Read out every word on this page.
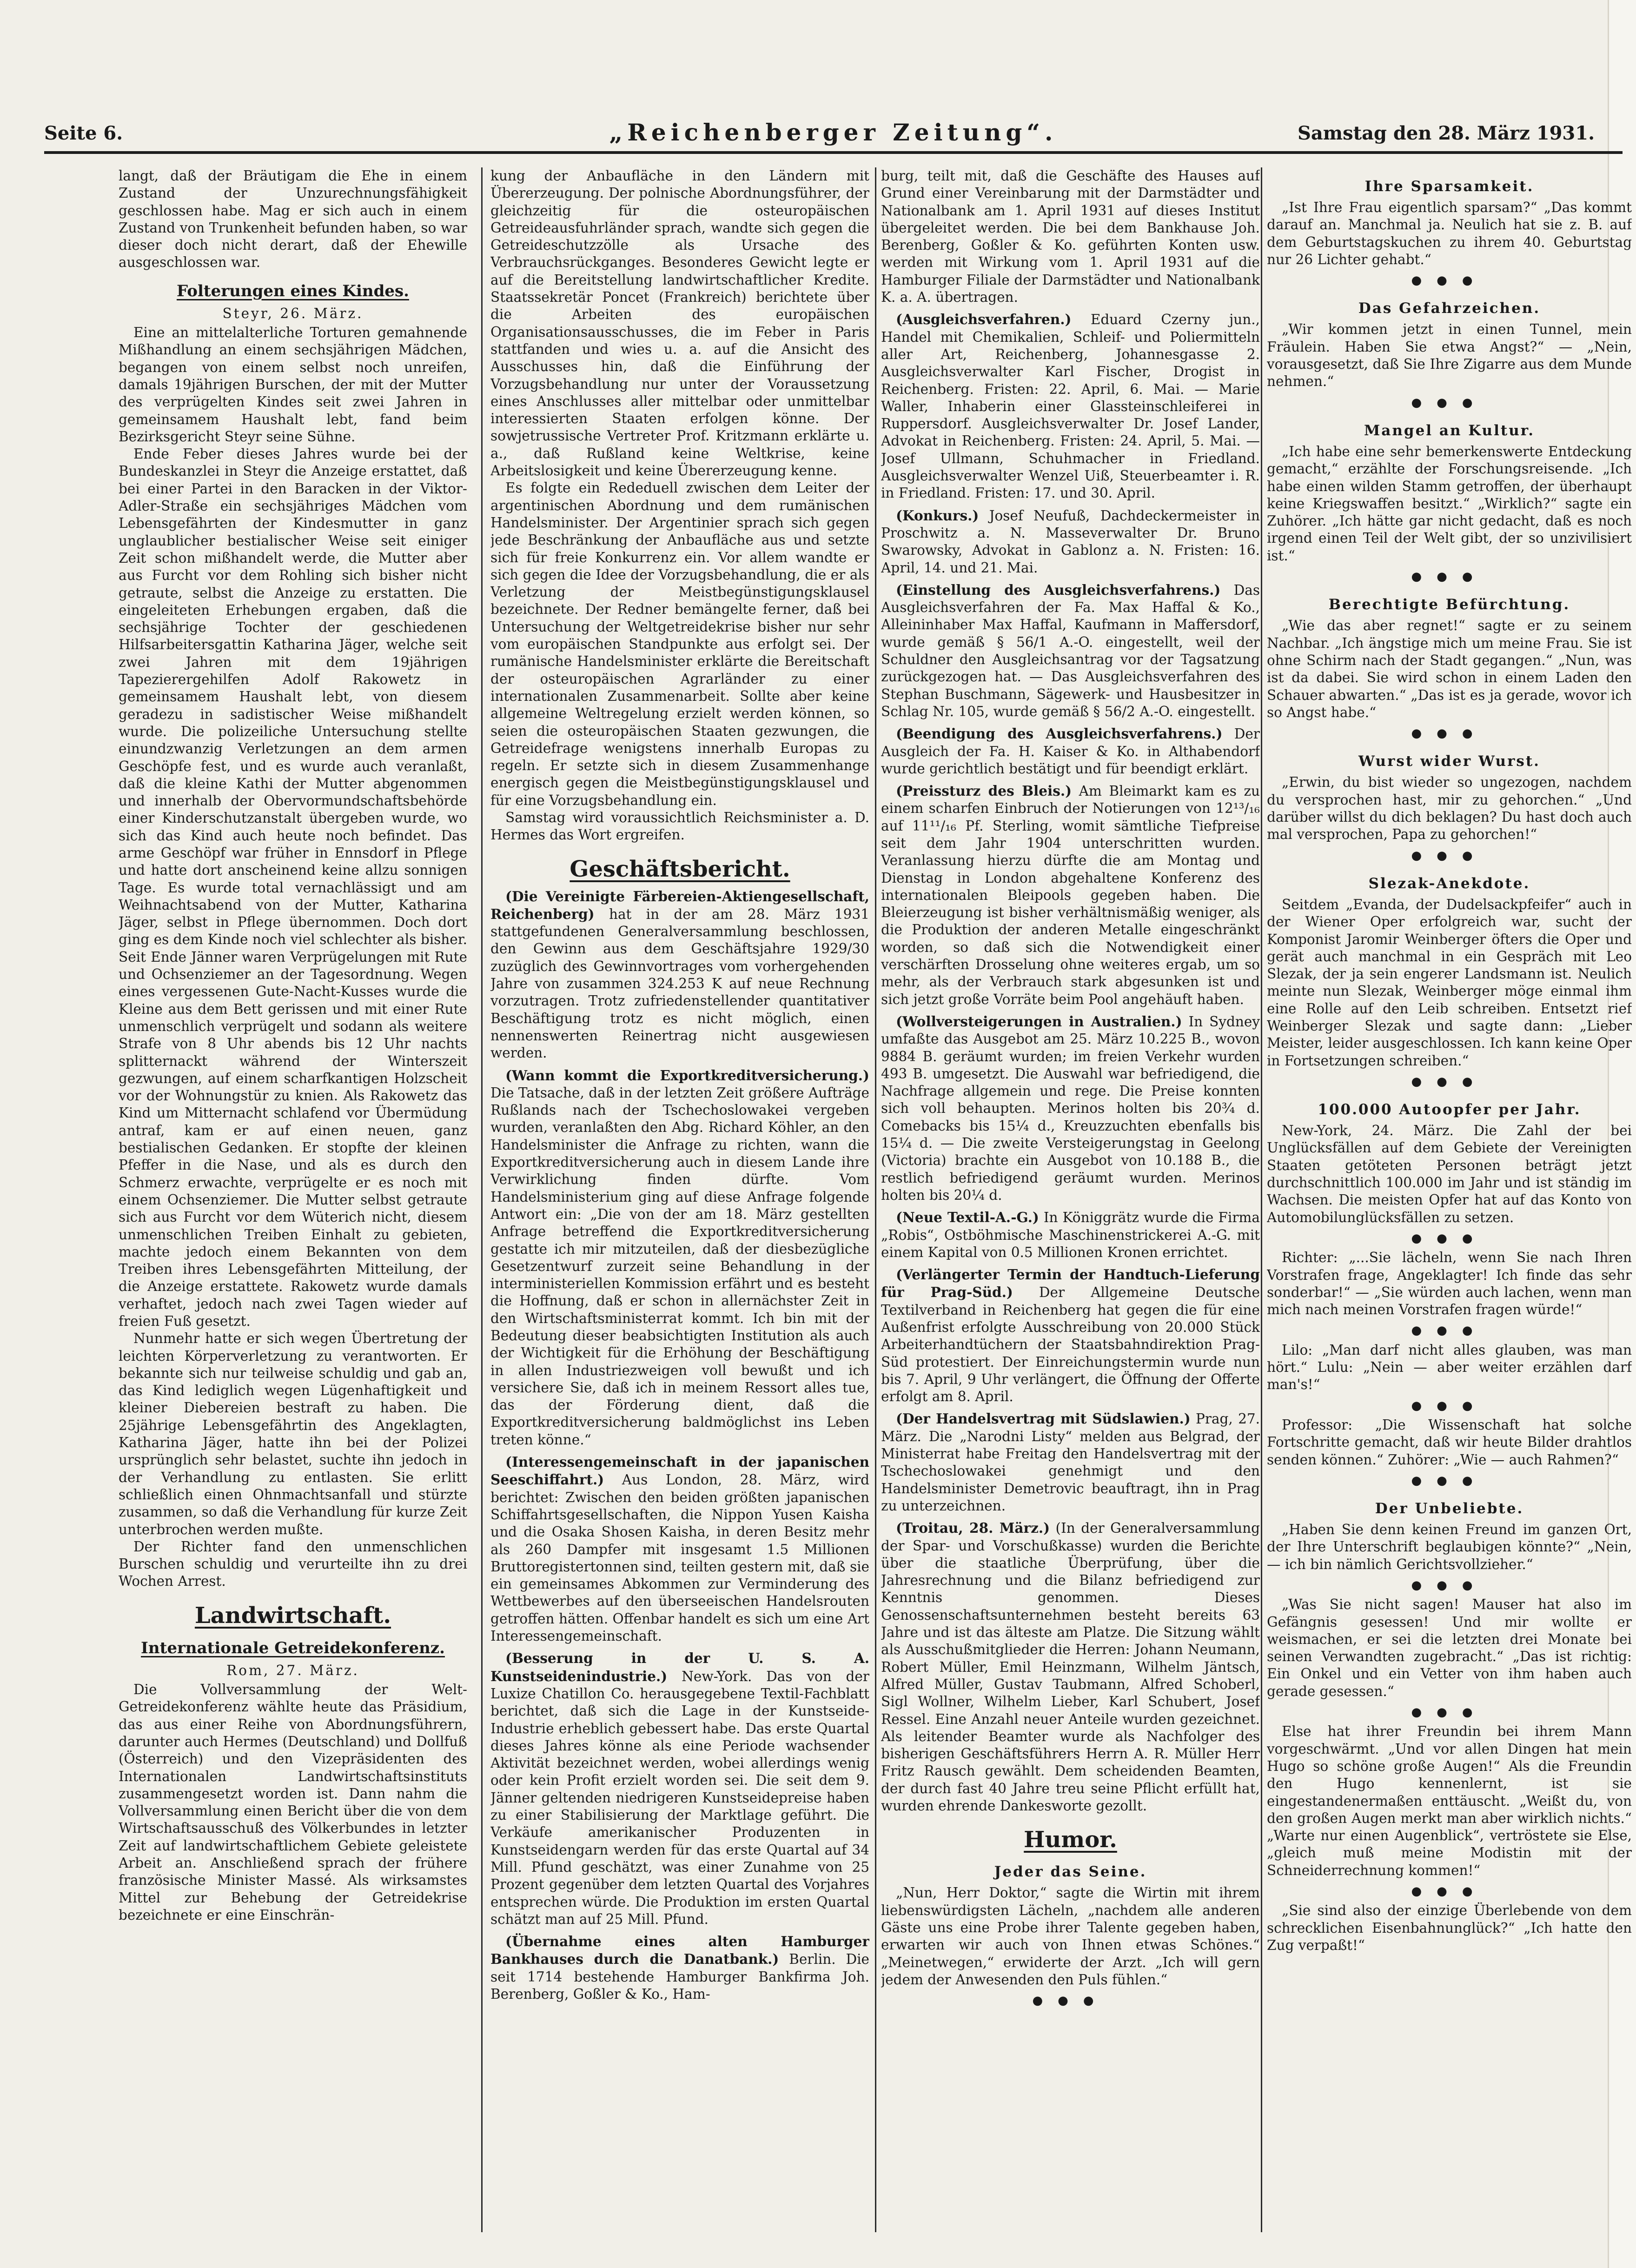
Seite 6.	„Reichenberger Zeitung“.	Samstag den 28. März 1931.

langt, daß der Bräutigam die Ehe in einem Zustand der Unzurechnungsfähigkeit geschlossen habe. Mag er sich auch in einem Zustand von Trunkenheit befunden haben, so war dieser doch nicht derart, daß der Ehewille ausgeschlossen war.

Folterungen eines Kindes.

Steyr, 26. März.

Eine an mittelalterliche Torturen gemahnende Mißhandlung an einem sechsjährigen Mädchen, begangen von einem selbst noch unreifen, damals 19jährigen Burschen, der mit der Mutter des verprügelten Kindes seit zwei Jahren in gemeinsamem Haushalt lebt, fand beim Bezirksgericht Steyr seine Sühne.

Ende Feber dieses Jahres wurde bei der Bundeskanzlei in Steyr die Anzeige erstattet, daß bei einer Partei in den Baracken in der Viktor-Adler-Straße ein sechsjähriges Mädchen vom Lebensgefährten der Kindesmutter in ganz unglaublicher bestialischer Weise seit einiger Zeit schon mißhandelt werde, die Mutter aber aus Furcht vor dem Rohling sich bisher nicht getraute, selbst die Anzeige zu erstatten. Die eingeleiteten Erhebungen ergaben, daß die sechsjährige Tochter der geschiedenen Hilfsarbeitersgattin Katharina Jäger, welche seit zwei Jahren mit dem 19jährigen Tapezierergehilfen Adolf Rakowetz in gemeinsamem Haushalt lebt, von diesem geradezu in sadistischer Weise mißhandelt wurde. Die polizeiliche Untersuchung stellte einundzwanzig Verletzungen an dem armen Geschöpfe fest, und es wurde auch veranlaßt, daß die kleine Kathi der Mutter abgenommen und innerhalb der Obervormundschaftsbehörde einer Kinderschutzanstalt übergeben wurde, wo sich das Kind auch heute noch befindet. Das arme Geschöpf war früher in Ennsdorf in Pflege und hatte dort anscheinend keine allzu sonnigen Tage. Es wurde total vernachlässigt und am Weihnachtsabend von der Mutter, Katharina Jäger, selbst in Pflege übernommen. Doch dort ging es dem Kinde noch viel schlechter als bisher. Seit Ende Jänner waren Verprügelungen mit Rute und Ochsenziemer an der Tagesordnung. Wegen eines vergessenen Gute-Nacht-Kusses wurde die Kleine aus dem Bett gerissen und mit einer Rute unmenschlich verprügelt und sodann als weitere Strafe von 8 Uhr abends bis 12 Uhr nachts splitternackt während der Winterszeit gezwungen, auf einem scharfkantigen Holzscheit vor der Wohnungstür zu knien. Als Rakowetz das Kind um Mitternacht schlafend vor Übermüdung antraf, kam er auf einen neuen, ganz bestialischen Gedanken. Er stopfte der kleinen Pfeffer in die Nase, und als es durch den Schmerz erwachte, verprügelte er es noch mit einem Ochsenziemer. Die Mutter selbst getraute sich aus Furcht vor dem Wüterich nicht, diesem unmenschlichen Treiben Einhalt zu gebieten, machte jedoch einem Bekannten von dem Treiben ihres Lebensgefährten Mitteilung, der die Anzeige erstattete. Rakowetz wurde damals verhaftet, jedoch nach zwei Tagen wieder auf freien Fuß gesetzt.

Nunmehr hatte er sich wegen Übertretung der leichten Körperverletzung zu verantworten. Er bekannte sich nur teilweise schuldig und gab an, das Kind lediglich wegen Lügenhaftigkeit und kleiner Diebereien bestraft zu haben. Die 25jährige Lebensgefährtin des Angeklagten, Katharina Jäger, hatte ihn bei der Polizei ursprünglich sehr belastet, suchte ihn jedoch in der Verhandlung zu entlasten. Sie erlitt schließlich einen Ohnmachtsanfall und stürzte zusammen, so daß die Verhandlung für kurze Zeit unterbrochen werden mußte.

Der Richter fand den unmenschlichen Burschen schuldig und verurteilte ihn zu drei Wochen Arrest.

Landwirtschaft.
Internationale Getreidekonferenz.

Rom, 27. März.

Die Vollversammlung der Welt-Getreidekonferenz wählte heute das Präsidium, das aus einer Reihe von Abordnungsführern, darunter auch Hermes (Deutschland) und Dollfuß (Österreich) und den Vizepräsidenten des Internationalen Landwirtschaftsinstituts zusammengesetzt worden ist. Dann nahm die Vollversammlung einen Bericht über die von dem Wirtschaftsausschuß des Völkerbundes in letzter Zeit auf landwirtschaftlichem Gebiete geleistete Arbeit an. Anschließend sprach der frühere französische Minister Massé. Als wirksamstes Mittel zur Behebung der Getreidekrise bezeichnete er eine Einschrän-

kung der Anbaufläche in den Ländern mit Übererzeugung. Der polnische Abordnungsführer, der gleichzeitig für die osteuropäischen Getreideausfuhrländer sprach, wandte sich gegen die Getreideschutzzölle als Ursache des Verbrauchsrückganges. Besonderes Gewicht legte er auf die Bereitstellung landwirtschaftlicher Kredite. Staatssekretär Poncet (Frankreich) berichtete über die Arbeiten des europäischen Organisationsausschusses, die im Feber in Paris stattfanden und wies u. a. auf die Ansicht des Ausschusses hin, daß die Einführung der Vorzugsbehandlung nur unter der Voraussetzung eines Anschlusses aller mittelbar oder unmittelbar interessierten Staaten erfolgen könne. Der sowjetrussische Vertreter Prof. Kritzmann erklärte u. a., daß Rußland keine Weltkrise, keine Arbeitslosigkeit und keine Übererzeugung kenne.

Es folgte ein Rededuell zwischen dem Leiter der argentinischen Abordnung und dem rumänischen Handelsminister. Der Argentinier sprach sich gegen jede Beschränkung der Anbaufläche aus und setzte sich für freie Konkurrenz ein. Vor allem wandte er sich gegen die Idee der Vorzugsbehandlung, die er als Verletzung der Meistbegünstigungsklausel bezeichnete. Der Redner bemängelte ferner, daß bei Untersuchung der Weltgetreidekrise bisher nur sehr vom europäischen Standpunkte aus erfolgt sei. Der rumänische Handelsminister erklärte die Bereitschaft der osteuropäischen Agrarländer zu einer internationalen Zusammenarbeit. Sollte aber keine allgemeine Weltregelung erzielt werden können, so seien die osteuropäischen Staaten gezwungen, die Getreidefrage wenigstens innerhalb Europas zu regeln. Er setzte sich in diesem Zusammenhange energisch gegen die Meistbegünstigungsklausel und für eine Vorzugsbehandlung ein.

Samstag wird voraussichtlich Reichsminister a. D. Hermes das Wort ergreifen.

Geschäftsbericht.

(Die Vereinigte Färbereien-Aktiengesellschaft, Reichenberg) hat in der am 28. März 1931 stattgefundenen Generalversammlung beschlossen, den Gewinn aus dem Geschäftsjahre 1929/30 zuzüglich des Gewinnvortrages vom vorhergehenden Jahre von zusammen 324.253 K auf neue Rechnung vorzutragen. Trotz zufriedenstellender quantitativer Beschäftigung trotz es nicht möglich, einen nennenswerten Reinertrag nicht ausgewiesen werden.

(Wann kommt die Exportkreditversicherung.) Die Tatsache, daß in der letzten Zeit größere Aufträge Rußlands nach der Tschechoslowakei vergeben wurden, veranlaßten den Abg. Richard Köhler, an den Handelsminister die Anfrage zu richten, wann die Exportkreditversicherung auch in diesem Lande ihre Verwirklichung finden dürfte. Vom Handelsministerium ging auf diese Anfrage folgende Antwort ein: „Die von der am 18. März gestellten Anfrage betreffend die Exportkreditversicherung gestatte ich mir mitzuteilen, daß der diesbezügliche Gesetzentwurf zurzeit seine Behandlung in der interministeriellen Kommission erfährt und es besteht die Hoffnung, daß er schon in allernächster Zeit in den Wirtschaftsministerrat kommt. Ich bin mit der Bedeutung dieser beabsichtigten Institution als auch der Wichtigkeit für die Erhöhung der Beschäftigung in allen Industriezweigen voll bewußt und ich versichere Sie, daß ich in meinem Ressort alles tue, das der Förderung dient, daß die Exportkreditversicherung baldmöglichst ins Leben treten könne.“

(Interessengemeinschaft in der japanischen Seeschiffahrt.) Aus London, 28. März, wird berichtet: Zwischen den beiden größten japanischen Schiffahrtsgesellschaften, die Nippon Yusen Kaisha und die Osaka Shosen Kaisha, in deren Besitz mehr als 260 Dampfer mit insgesamt 1.5 Millionen Bruttoregistertonnen sind, teilten gestern mit, daß sie ein gemeinsames Abkommen zur Verminderung des Wettbewerbes auf den überseeischen Handelsrouten getroffen hätten. Offenbar handelt es sich um eine Art Interessengemeinschaft.

(Besserung in der U. S. A. Kunstseidenindustrie.) New-York. Das von der Luxize Chatillon Co. herausgegebene Textil-Fachblatt berichtet, daß sich die Lage in der Kunstseide-Industrie erheblich gebessert habe. Das erste Quartal dieses Jahres könne als eine Periode wachsender Aktivität bezeichnet werden, wobei allerdings wenig oder kein Profit erzielt worden sei. Die seit dem 9. Jänner geltenden niedrigeren Kunstseidepreise haben zu einer Stabilisierung der Marktlage geführt. Die Verkäufe amerikanischer Produzenten in Kunstseidengarn werden für das erste Quartal auf 34 Mill. Pfund geschätzt, was einer Zunahme von 25 Prozent gegenüber dem letzten Quartal des Vorjahres entsprechen würde. Die Produktion im ersten Quartal schätzt man auf 25 Mill. Pfund.

(Übernahme eines alten Hamburger Bankhauses durch die Danatbank.) Berlin. Die seit 1714 bestehende Hamburger Bankfirma Joh. Berenberg, Goßler & Ko., Ham-

burg, teilt mit, daß die Geschäfte des Hauses auf Grund einer Vereinbarung mit der Darmstädter und Nationalbank am 1. April 1931 auf dieses Institut übergeleitet werden. Die bei dem Bankhause Joh. Berenberg, Goßler & Ko. geführten Konten usw. werden mit Wirkung vom 1. April 1931 auf die Hamburger Filiale der Darmstädter und Nationalbank K. a. A. übertragen.

(Ausgleichsverfahren.) Eduard Czerny jun., Handel mit Chemikalien, Schleif- und Poliermitteln aller Art, Reichenberg, Johannesgasse 2. Ausgleichsverwalter Karl Fischer, Drogist in Reichenberg. Fristen: 22. April, 6. Mai. — Marie Waller, Inhaberin einer Glassteinschleiferei in Ruppersdorf. Ausgleichsverwalter Dr. Josef Lander, Advokat in Reichenberg. Fristen: 24. April, 5. Mai. — Josef Ullmann, Schuhmacher in Friedland. Ausgleichsverwalter Wenzel Uiß, Steuerbeamter i. R. in Friedland. Fristen: 17. und 30. April.

(Konkurs.) Josef Neufuß, Dachdeckermeister in Proschwitz a. N. Masseverwalter Dr. Bruno Swarowsky, Advokat in Gablonz a. N. Fristen: 16. April, 14. und 21. Mai.

(Einstellung des Ausgleichsverfahrens.) Das Ausgleichsverfahren der Fa. Max Haffal & Ko., Alleininhaber Max Haffal, Kaufmann in Maffersdorf, wurde gemäß § 56/1 A.-O. eingestellt, weil der Schuldner den Ausgleichsantrag vor der Tagsatzung zurückgezogen hat. — Das Ausgleichsverfahren des Stephan Buschmann, Sägewerk- und Hausbesitzer in Schlag Nr. 105, wurde gemäß § 56/2 A.-O. eingestellt.

(Beendigung des Ausgleichsverfahrens.) Der Ausgleich der Fa. H. Kaiser & Ko. in Althabendorf wurde gerichtlich bestätigt und für beendigt erklärt.

(Preissturz des Bleis.) Am Bleimarkt kam es zu einem scharfen Einbruch der Notierungen von 12¹³/₁₆ auf 11¹¹/₁₆ Pf. Sterling, womit sämtliche Tiefpreise seit dem Jahr 1904 unterschritten wurden. Veranlassung hierzu dürfte die am Montag und Dienstag in London abgehaltene Konferenz des internationalen Bleipools gegeben haben. Die Bleierzeugung ist bisher verhältnismäßig weniger, als die Produktion der anderen Metalle eingeschränkt worden, so daß sich die Notwendigkeit einer verschärften Drosselung ohne weiteres ergab, um so mehr, als der Verbrauch stark abgesunken ist und sich jetzt große Vorräte beim Pool angehäuft haben.

(Wollversteigerungen in Australien.) In Sydney umfaßte das Ausgebot am 25. März 10.225 B., wovon 9884 B. geräumt wurden; im freien Verkehr wurden 493 B. umgesetzt. Die Auswahl war befriedigend, die Nachfrage allgemein und rege. Die Preise konnten sich voll behaupten. Merinos holten bis 20¾ d. Comebacks bis 15¼ d., Kreuzzuchten ebenfalls bis 15¼ d. — Die zweite Versteigerungstag in Geelong (Victoria) brachte ein Ausgebot von 10.188 B., die restlich befriedigend geräumt wurden. Merinos holten bis 20¼ d.

(Neue Textil-A.-G.) In Königgrätz wurde die Firma „Robis“, Ostböhmische Maschinenstrickerei A.-G. mit einem Kapital von 0.5 Millionen Kronen errichtet.

(Verlängerter Termin der Handtuch-Lieferung für Prag-Süd.) Der Allgemeine Deutsche Textilverband in Reichenberg hat gegen die für eine Außenfrist erfolgte Ausschreibung von 20.000 Stück Arbeiterhandtüchern der Staatsbahndirektion Prag-Süd protestiert. Der Einreichungstermin wurde nun bis 7. April, 9 Uhr verlängert, die Öffnung der Offerte erfolgt am 8. April.

(Der Handelsvertrag mit Südslawien.) Prag, 27. März. Die „Narodni Listy“ melden aus Belgrad, der Ministerrat habe Freitag den Handelsvertrag mit der Tschechoslowakei genehmigt und den Handelsminister Demetrovic beauftragt, ihn in Prag zu unterzeichnen.

(Troitau, 28. März.) (In der Generalversammlung der Spar- und Vorschußkasse) wurden die Berichte über die staatliche Überprüfung, über die Jahresrechnung und die Bilanz befriedigend zur Kenntnis genommen. Dieses Genossenschaftsunternehmen besteht bereits 63 Jahre und ist das älteste am Platze. Die Sitzung wählt als Ausschußmitglieder die Herren: Johann Neumann, Robert Müller, Emil Heinzmann, Wilhelm Jäntsch, Alfred Müller, Gustav Taubmann, Alfred Schoberl, Sigl Wollner, Wilhelm Lieber, Karl Schubert, Josef Ressel. Eine Anzahl neuer Anteile wurden gezeichnet. Als leitender Beamter wurde als Nachfolger des bisherigen Geschäftsführers Herrn A. R. Müller Herr Fritz Rausch gewählt. Dem scheidenden Beamten, der durch fast 40 Jahre treu seine Pflicht erfüllt hat, wurden ehrende Dankesworte gezollt.

Humor.
Jeder das Seine.

„Nun, Herr Doktor,“ sagte die Wirtin mit ihrem liebenswürdigsten Lächeln, „nachdem alle anderen Gäste uns eine Probe ihrer Talente gegeben haben, erwarten wir auch von Ihnen etwas Schönes.“ „Meinetwegen,“ erwiderte der Arzt. „Ich will gern jedem der Anwesenden den Puls fühlen.“

●●●

Ihre Sparsamkeit.

„Ist Ihre Frau eigentlich sparsam?“ „Das kommt darauf an. Manchmal ja. Neulich hat sie z. B. auf dem Geburtstagskuchen zu ihrem 40. Geburtstag nur 26 Lichter gehabt.“

●●●

Das Gefahrzeichen.

„Wir kommen jetzt in einen Tunnel, mein Fräulein. Haben Sie etwa Angst?“ — „Nein, vorausgesetzt, daß Sie Ihre Zigarre aus dem Munde nehmen.“

●●●

Mangel an Kultur.

„Ich habe eine sehr bemerkenswerte Entdeckung gemacht,“ erzählte der Forschungsreisende. „Ich habe einen wilden Stamm getroffen, der überhaupt keine Kriegswaffen besitzt.“ „Wirklich?“ sagte ein Zuhörer. „Ich hätte gar nicht gedacht, daß es noch irgend einen Teil der Welt gibt, der so unzivilisiert ist.“

●●●

Berechtigte Befürchtung.

„Wie das aber regnet!“ sagte er zu seinem Nachbar. „Ich ängstige mich um meine Frau. Sie ist ohne Schirm nach der Stadt gegangen.“ „Nun, was ist da dabei. Sie wird schon in einem Laden den Schauer abwarten.“ „Das ist es ja gerade, wovor ich so Angst habe.“

●●●

Wurst wider Wurst.

„Erwin, du bist wieder so ungezogen, nachdem du versprochen hast, mir zu gehorchen.“ „Und darüber willst du dich beklagen? Du hast doch auch mal versprochen, Papa zu gehorchen!“

●●●

Slezak-Anekdote.

Seitdem „Evanda, der Dudelsackpfeifer“ auch in der Wiener Oper erfolgreich war, sucht der Komponist Jaromir Weinberger öfters die Oper und gerät auch manchmal in ein Gespräch mit Leo Slezak, der ja sein engerer Landsmann ist. Neulich meinte nun Slezak, Weinberger möge einmal ihm eine Rolle auf den Leib schreiben. Entsetzt rief Weinberger Slezak und sagte dann: „Lieber Meister, leider ausgeschlossen. Ich kann keine Oper in Fortsetzungen schreiben.“

●●●

100.000 Autoopfer per Jahr.

New-York, 24. März. Die Zahl der bei Unglücksfällen auf dem Gebiete der Vereinigten Staaten getöteten Personen beträgt jetzt durchschnittlich 100.000 im Jahr und ist ständig im Wachsen. Die meisten Opfer hat auf das Konto von Automobilunglücksfällen zu setzen.

●●●

Richter: „...Sie lächeln, wenn Sie nach Ihren Vorstrafen frage, Angeklagter! Ich finde das sehr sonderbar!“ — „Sie würden auch lachen, wenn man mich nach meinen Vorstrafen fragen würde!“

●●●

Lilo: „Man darf nicht alles glauben, was man hört.“ Lulu: „Nein — aber weiter erzählen darf man's!“

●●●

Professor: „Die Wissenschaft hat solche Fortschritte gemacht, daß wir heute Bilder drahtlos senden können.“ Zuhörer: „Wie — auch Rahmen?“

●●●

Der Unbeliebte.

„Haben Sie denn keinen Freund im ganzen Ort, der Ihre Unterschrift beglaubigen könnte?“ „Nein, — ich bin nämlich Gerichtsvollzieher.“

●●●

„Was Sie nicht sagen! Mauser hat also im Gefängnis gesessen! Und mir wollte er weismachen, er sei die letzten drei Monate bei seinen Verwandten zugebracht.“ „Das ist richtig: Ein Onkel und ein Vetter von ihm haben auch gerade gesessen.“

●●●

Else hat ihrer Freundin bei ihrem Mann vorgeschwärmt. „Und vor allen Dingen hat mein Hugo so schöne große Augen!“ Als die Freundin den Hugo kennenlernt, ist sie eingestandenermaßen enttäuscht. „Weißt du, von den großen Augen merkt man aber wirklich nichts.“ „Warte nur einen Augenblick“, vertröstete sie Else, „gleich muß meine Modistin mit der Schneiderrechnung kommen!“

●●●

„Sie sind also der einzige Überlebende von dem schrecklichen Eisenbahnunglück?“ „Ich hatte den Zug verpaßt!“
